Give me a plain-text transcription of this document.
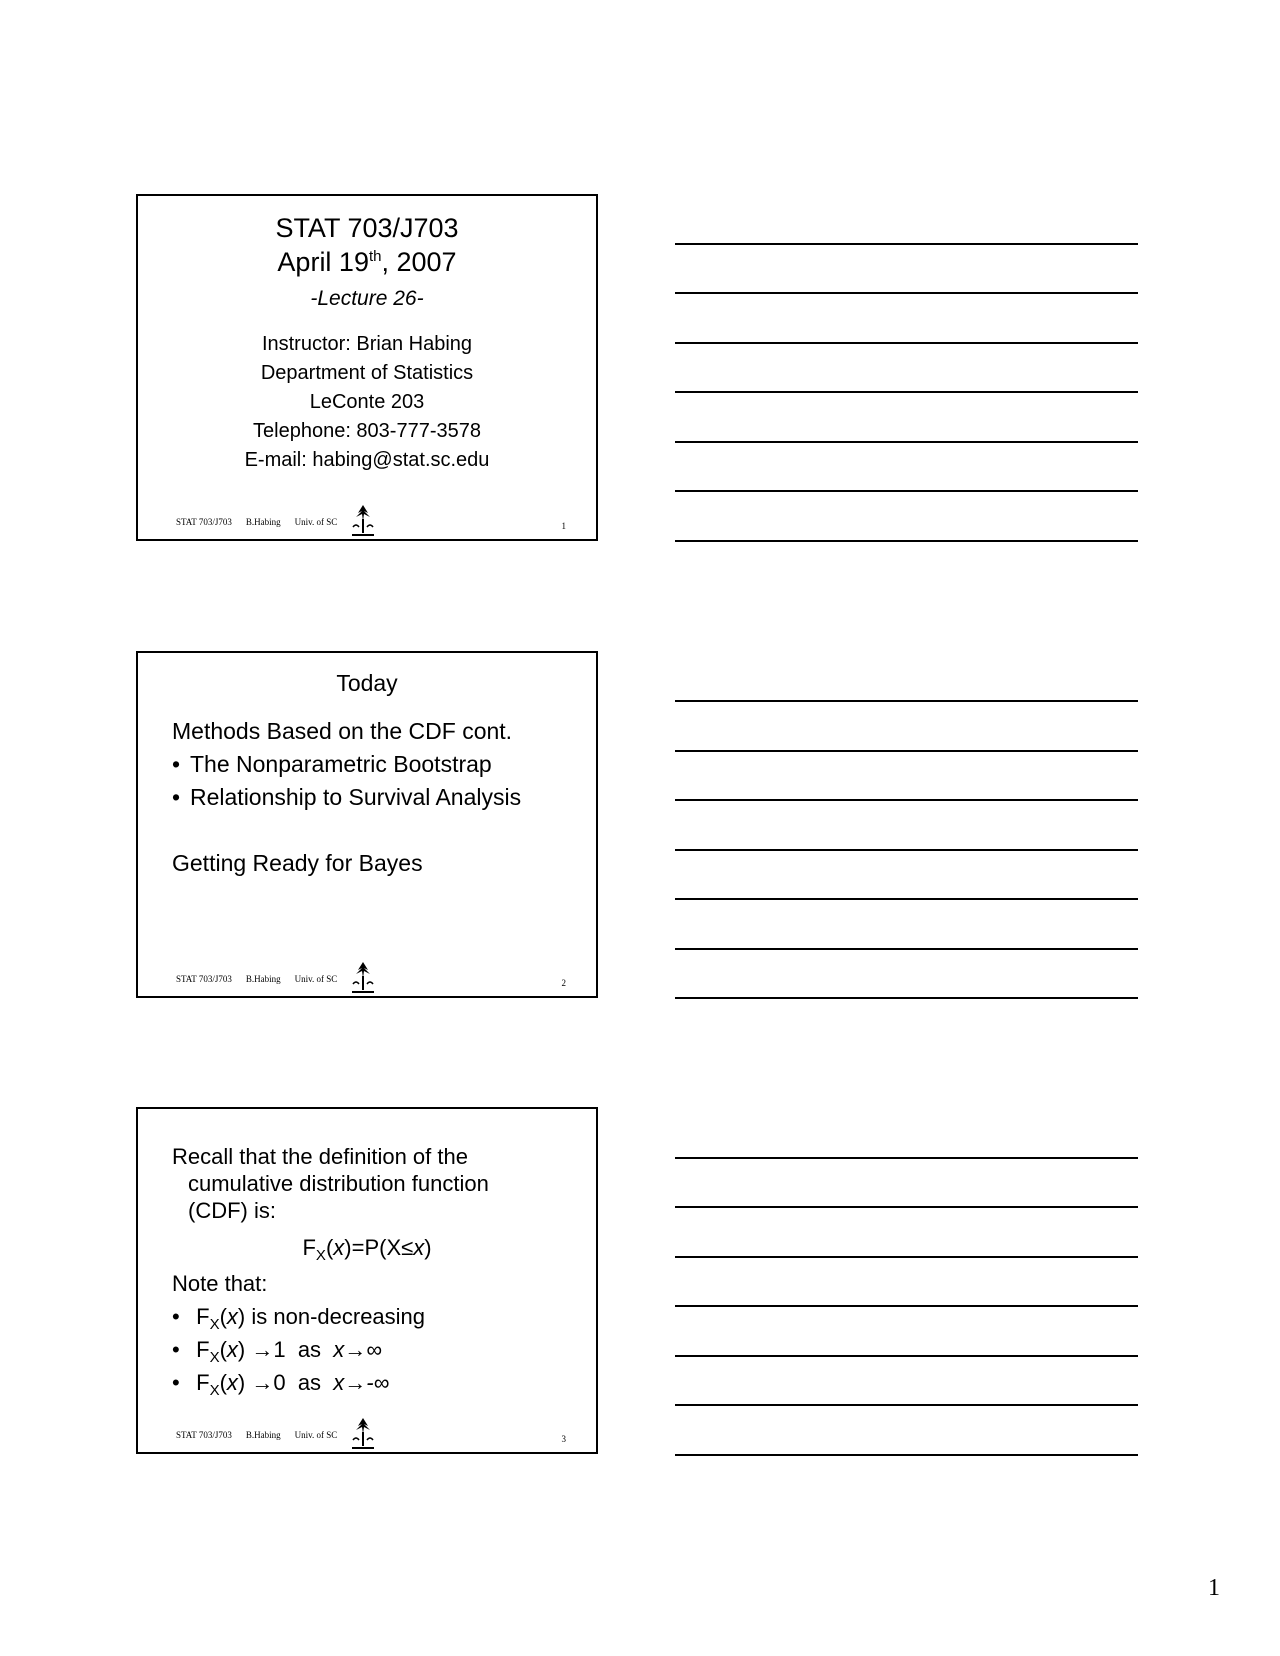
STAT 703/J703
April 19th, 2007
-Lecture 26-
Instructor: Brian Habing
Department of Statistics
LeConte 203
Telephone: 803-777-3578
E-mail: habing@stat.sc.edu
STAT 703/J703 B.Habing Univ. of SC	1
Today
Methods Based on the CDF cont.
• The Nonparametric Bootstrap
• Relationship to Survival Analysis
Getting Ready for Bayes
STAT 703/J703 B.Habing Univ. of SC	2
Recall that the definition of the
cumulative distribution function
(CDF) is:
$F_X(x)=P(X\le x)$
Note that:
• $F_X(x)$ is non-decreasing
• $F_X(x) \to 1$  as  x→∞
• $F_X(x) \to 0$  as  x→-∞
STAT 703/J703 B.Habing Univ. of SC	3
1
